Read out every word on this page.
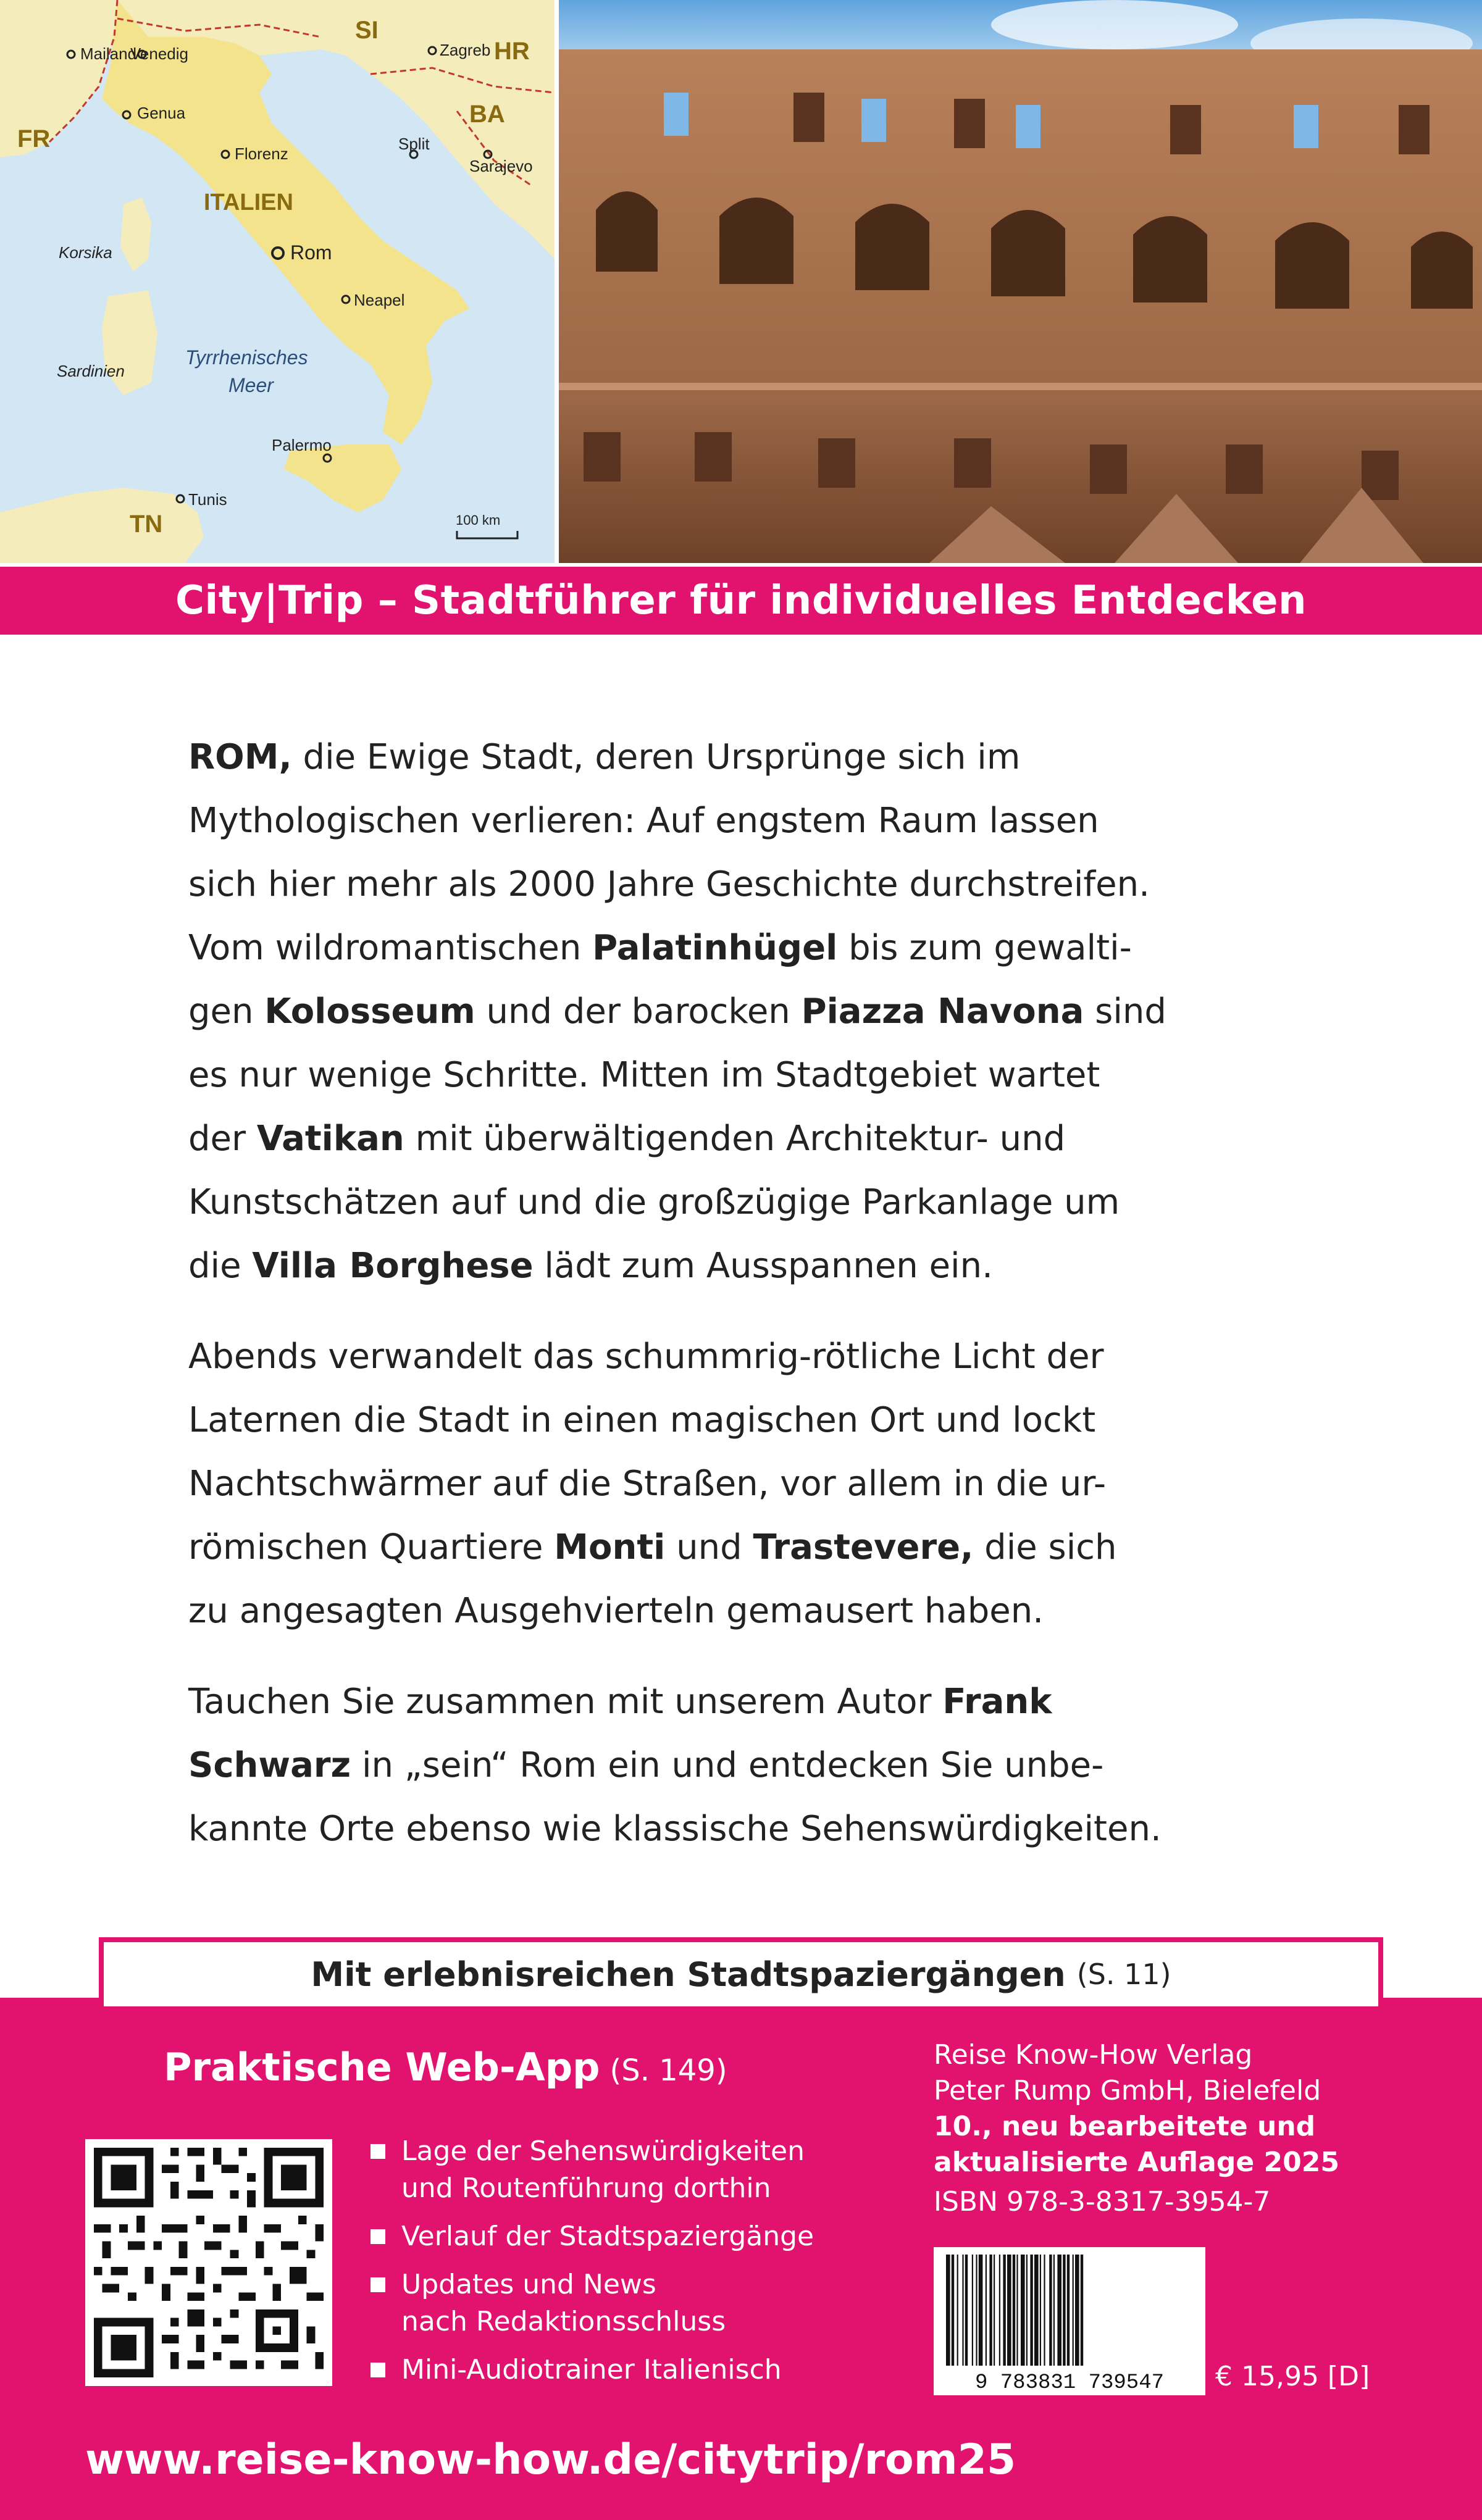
Mailand
Venedig	Zagreb
Genua
Florenz
Split
Sarajevo
ITALIEN
Korsika	Rom
Neapel
Sardinien
Tyrrhenisches
Meer
Palermo
Tunis
100 km
FR
SI
HR
BA
TN
City|Trip – Stadtführer für individuelles Entdecken

ROM, die Ewige Stadt, deren Ursprünge sich im
Mythologischen verlieren: Auf engstem Raum lassen
sich hier mehr als 2000 Jahre Geschichte durchstreifen.
Vom wildromantischen Palatinhügel bis zum gewalti-
gen Kolosseum und der barocken Piazza Navona sind
es nur wenige Schritte. Mitten im Stadtgebiet wartet
der Vatikan mit überwältigenden Architektur- und
Kunstschätzen auf und die großzügige Parkanlage um
die Villa Borghese lädt zum Ausspannen ein.

Abends verwandelt das schummrig-rötliche Licht der
Laternen die Stadt in einen magischen Ort und lockt
Nachtschwärmer auf die Straßen, vor allem in die ur-
römischen Quartiere Monti und Trastevere, die sich
zu angesagten Ausgehvierteln gemausert haben.

Tauchen Sie zusammen mit unserem Autor Frank
Schwarz in „sein“ Rom ein und entdecken Sie unbe-
kannte Orte ebenso wie klassische Sehenswürdigkeiten.

Mit erlebnisreichen Stadtspaziergängen (S. 11)
Praktische Web-App (S. 149)
Lage der Sehenswürdigkeiten
und Routenführung dorthin
Verlauf der Stadtspaziergänge
Updates und News
nach Redaktionsschluss
Mini-Audiotrainer Italienisch
Reise Know-How Verlag
Peter Rump GmbH, Bielefeld
10., neu bearbeitete und
aktualisierte Auflage 2025
ISBN 978-3-8317-3954-7
9 783831 739547 € 15,95 [D]
www.reise-know-how.de/citytrip/rom25
